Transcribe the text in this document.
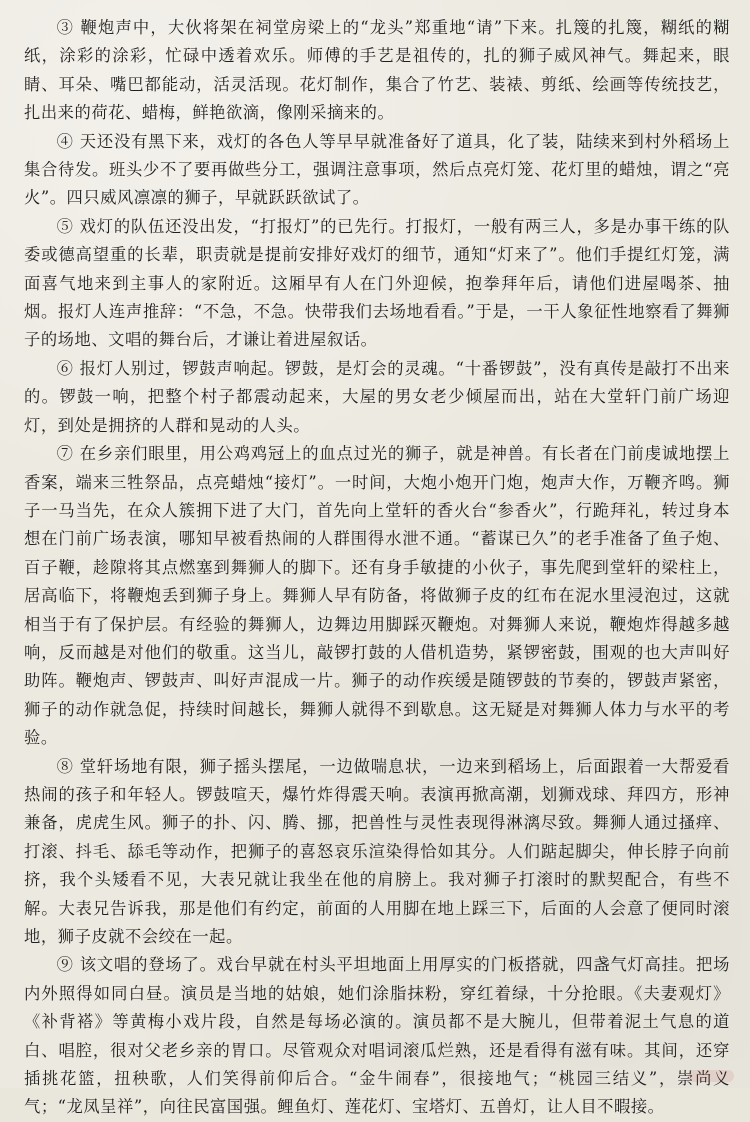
③ 鞭炮声中，大伙将架在祠堂房梁上的“龙头”郑重地“请”下来。扎篾的扎篾，糊纸的糊纸，涂彩的涂彩，忙碌中透着欢乐。师傅的手艺是祖传的，扎的狮子威风神气。舞起来，眼睛、耳朵、嘴巴都能动，活灵活现。花灯制作，集合了竹艺、装裱、剪纸、绘画等传统技艺，扎出来的荷花、蜡梅，鲜艳欲滴，像刚采摘来的。

④ 天还没有黑下来，戏灯的各色人等早早就准备好了道具，化了装，陆续来到村外稻场上集合待发。班头少不了要再做些分工，强调注意事项，然后点亮灯笼、花灯里的蜡烛，谓之“亮火”。四只威风凛凛的狮子，早就跃跃欲试了。

⑤ 戏灯的队伍还没出发，“打报灯”的已先行。打报灯，一般有两三人，多是办事干练的队委或德高望重的长辈，职责就是提前安排好戏灯的细节，通知“灯来了”。他们手提红灯笼，满面喜气地来到主事人的家附近。这厢早有人在门外迎候，抱拳拜年后，请他们进屋喝茶、抽烟。报灯人连声推辞：“不急，不急。快带我们去场地看看。”于是，一干人象征性地察看了舞狮子的场地、文唱的舞台后，才谦让着进屋叙话。

⑥ 报灯人别过，锣鼓声响起。锣鼓，是灯会的灵魂。“十番锣鼓”，没有真传是敲打不出来的。锣鼓一响，把整个村子都震动起来，大屋的男女老少倾屋而出，站在大堂轩门前广场迎灯，到处是拥挤的人群和晃动的人头。

⑦ 在乡亲们眼里，用公鸡鸡冠上的血点过光的狮子，就是神兽。有长者在门前虔诚地摆上香案，端来三牲祭品，点亮蜡烛“接灯”。一时间，大炮小炮开门炮，炮声大作，万鞭齐鸣。狮子一马当先，在众人簇拥下进了大门，首先向上堂轩的香火台“参香火”，行跪拜礼，转过身本想在门前广场表演，哪知早被看热闹的人群围得水泄不通。“蓄谋已久”的老手准备了鱼子炮、百子鞭，趁隙将其点燃塞到舞狮人的脚下。还有身手敏捷的小伙子，事先爬到堂轩的梁柱上，居高临下，将鞭炮丢到狮子身上。舞狮人早有防备，将做狮子皮的红布在泥水里浸泡过，这就相当于有了保护层。有经验的舞狮人，边舞边用脚踩灭鞭炮。对舞狮人来说，鞭炮炸得越多越响，反而越是对他们的敬重。这当儿，敲锣打鼓的人借机造势，紧锣密鼓，围观的也大声叫好助阵。鞭炮声、锣鼓声、叫好声混成一片。狮子的动作疾缓是随锣鼓的节奏的，锣鼓声紧密，狮子的动作就急促，持续时间越长，舞狮人就得不到歇息。这无疑是对舞狮人体力与水平的考验。

⑧ 堂轩场地有限，狮子摇头摆尾，一边做喘息状，一边来到稻场上，后面跟着一大帮爱看热闹的孩子和年轻人。锣鼓喧天，爆竹炸得震天响。表演再掀高潮，划狮戏球、拜四方，形神兼备，虎虎生风。狮子的扑、闪、腾、挪，把兽性与灵性表现得淋漓尽致。舞狮人通过搔痒、打滚、抖毛、舔毛等动作，把狮子的喜怒哀乐渲染得恰如其分。人们踮起脚尖，伸长脖子向前挤，我个头矮看不见，大表兄就让我坐在他的肩膀上。我对狮子打滚时的默契配合，有些不解。大表兄告诉我，那是他们有约定，前面的人用脚在地上踩三下，后面的人会意了便同时滚地，狮子皮就不会绞在一起。

⑨ 该文唱的登场了。戏台早就在村头平坦地面上用厚实的门板搭就，四盏气灯高挂。把场内外照得如同白昼。演员是当地的姑娘，她们涂脂抹粉，穿红着绿，十分抢眼。《夫妻观灯》《补背褡》等黄梅小戏片段，自然是每场必演的。演员都不是大腕儿，但带着泥土气息的道白、唱腔，很对父老乡亲的胃口。尽管观众对唱词滚瓜烂熟，还是看得有滋有味。其间，还穿插挑花篮，扭秧歌，人们笑得前仰后合。“金牛闹春”，很接地气；“桃园三结义”，崇尚义气；“龙凤呈祥”，向往民富国强。鲤鱼灯、莲花灯、宝塔灯、五兽灯，让人目不暇接。
